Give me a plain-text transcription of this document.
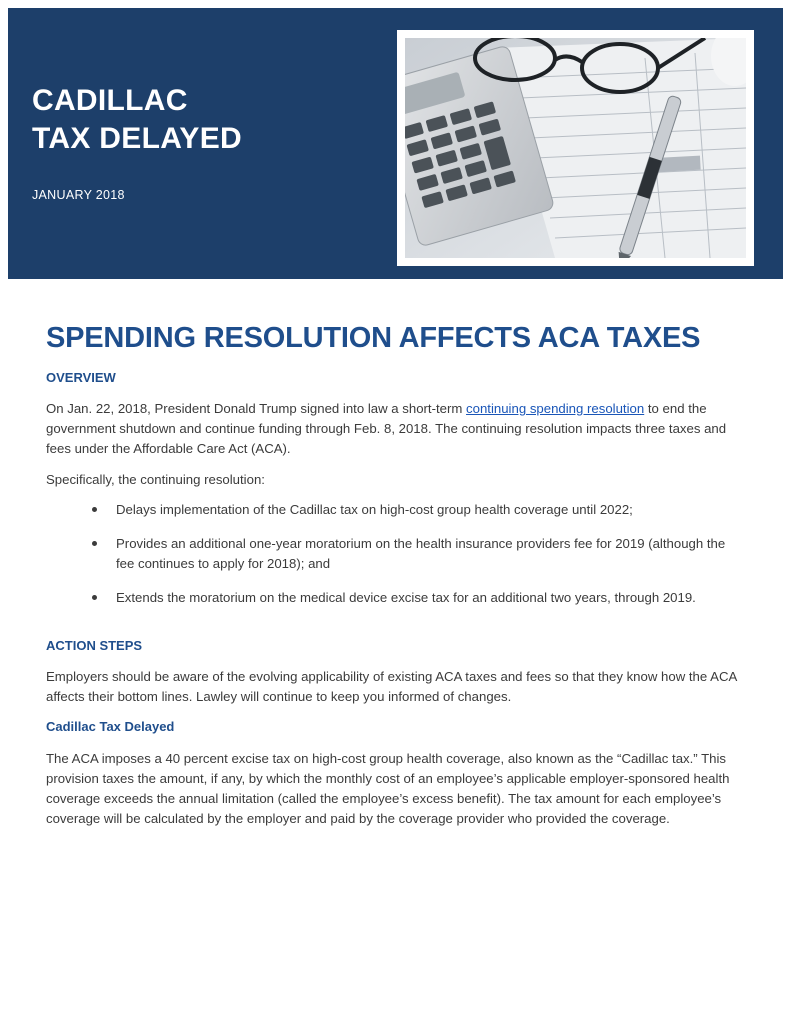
CADILLAC
TAX DELAYED
JANUARY 2018
SPENDING RESOLUTION AFFECTS ACA TAXES
OVERVIEW

On Jan. 22, 2018, President Donald Trump signed into law a short-term continuing spending resolution to end the government shutdown and continue funding through Feb. 8, 2018. The continuing resolution impacts three taxes and fees under the Affordable Care Act (ACA).

Specifically, the continuing resolution:
Delays implementation of the Cadillac tax on high-cost group health coverage until 2022;
Provides an additional one-year moratorium on the health insurance providers fee for 2019 (although the fee continues to apply for 2018); and
Extends the moratorium on the medical device excise tax for an additional two years, through 2019.
ACTION STEPS
Employers should be aware of the evolving applicability of existing ACA taxes and fees so that they know how the ACA affects their bottom lines. Lawley will continue to keep you informed of changes.
Cadillac Tax Delayed
The ACA imposes a 40 percent excise tax on high-cost group health coverage, also known as the “Cadillac tax.” This provision taxes the amount, if any, by which the monthly cost of an employee’s applicable employer-sponsored health coverage exceeds the annual limitation (called the employee’s excess benefit). The tax amount for each employee’s coverage will be calculated by the employer and paid by the coverage provider who provided the coverage.
